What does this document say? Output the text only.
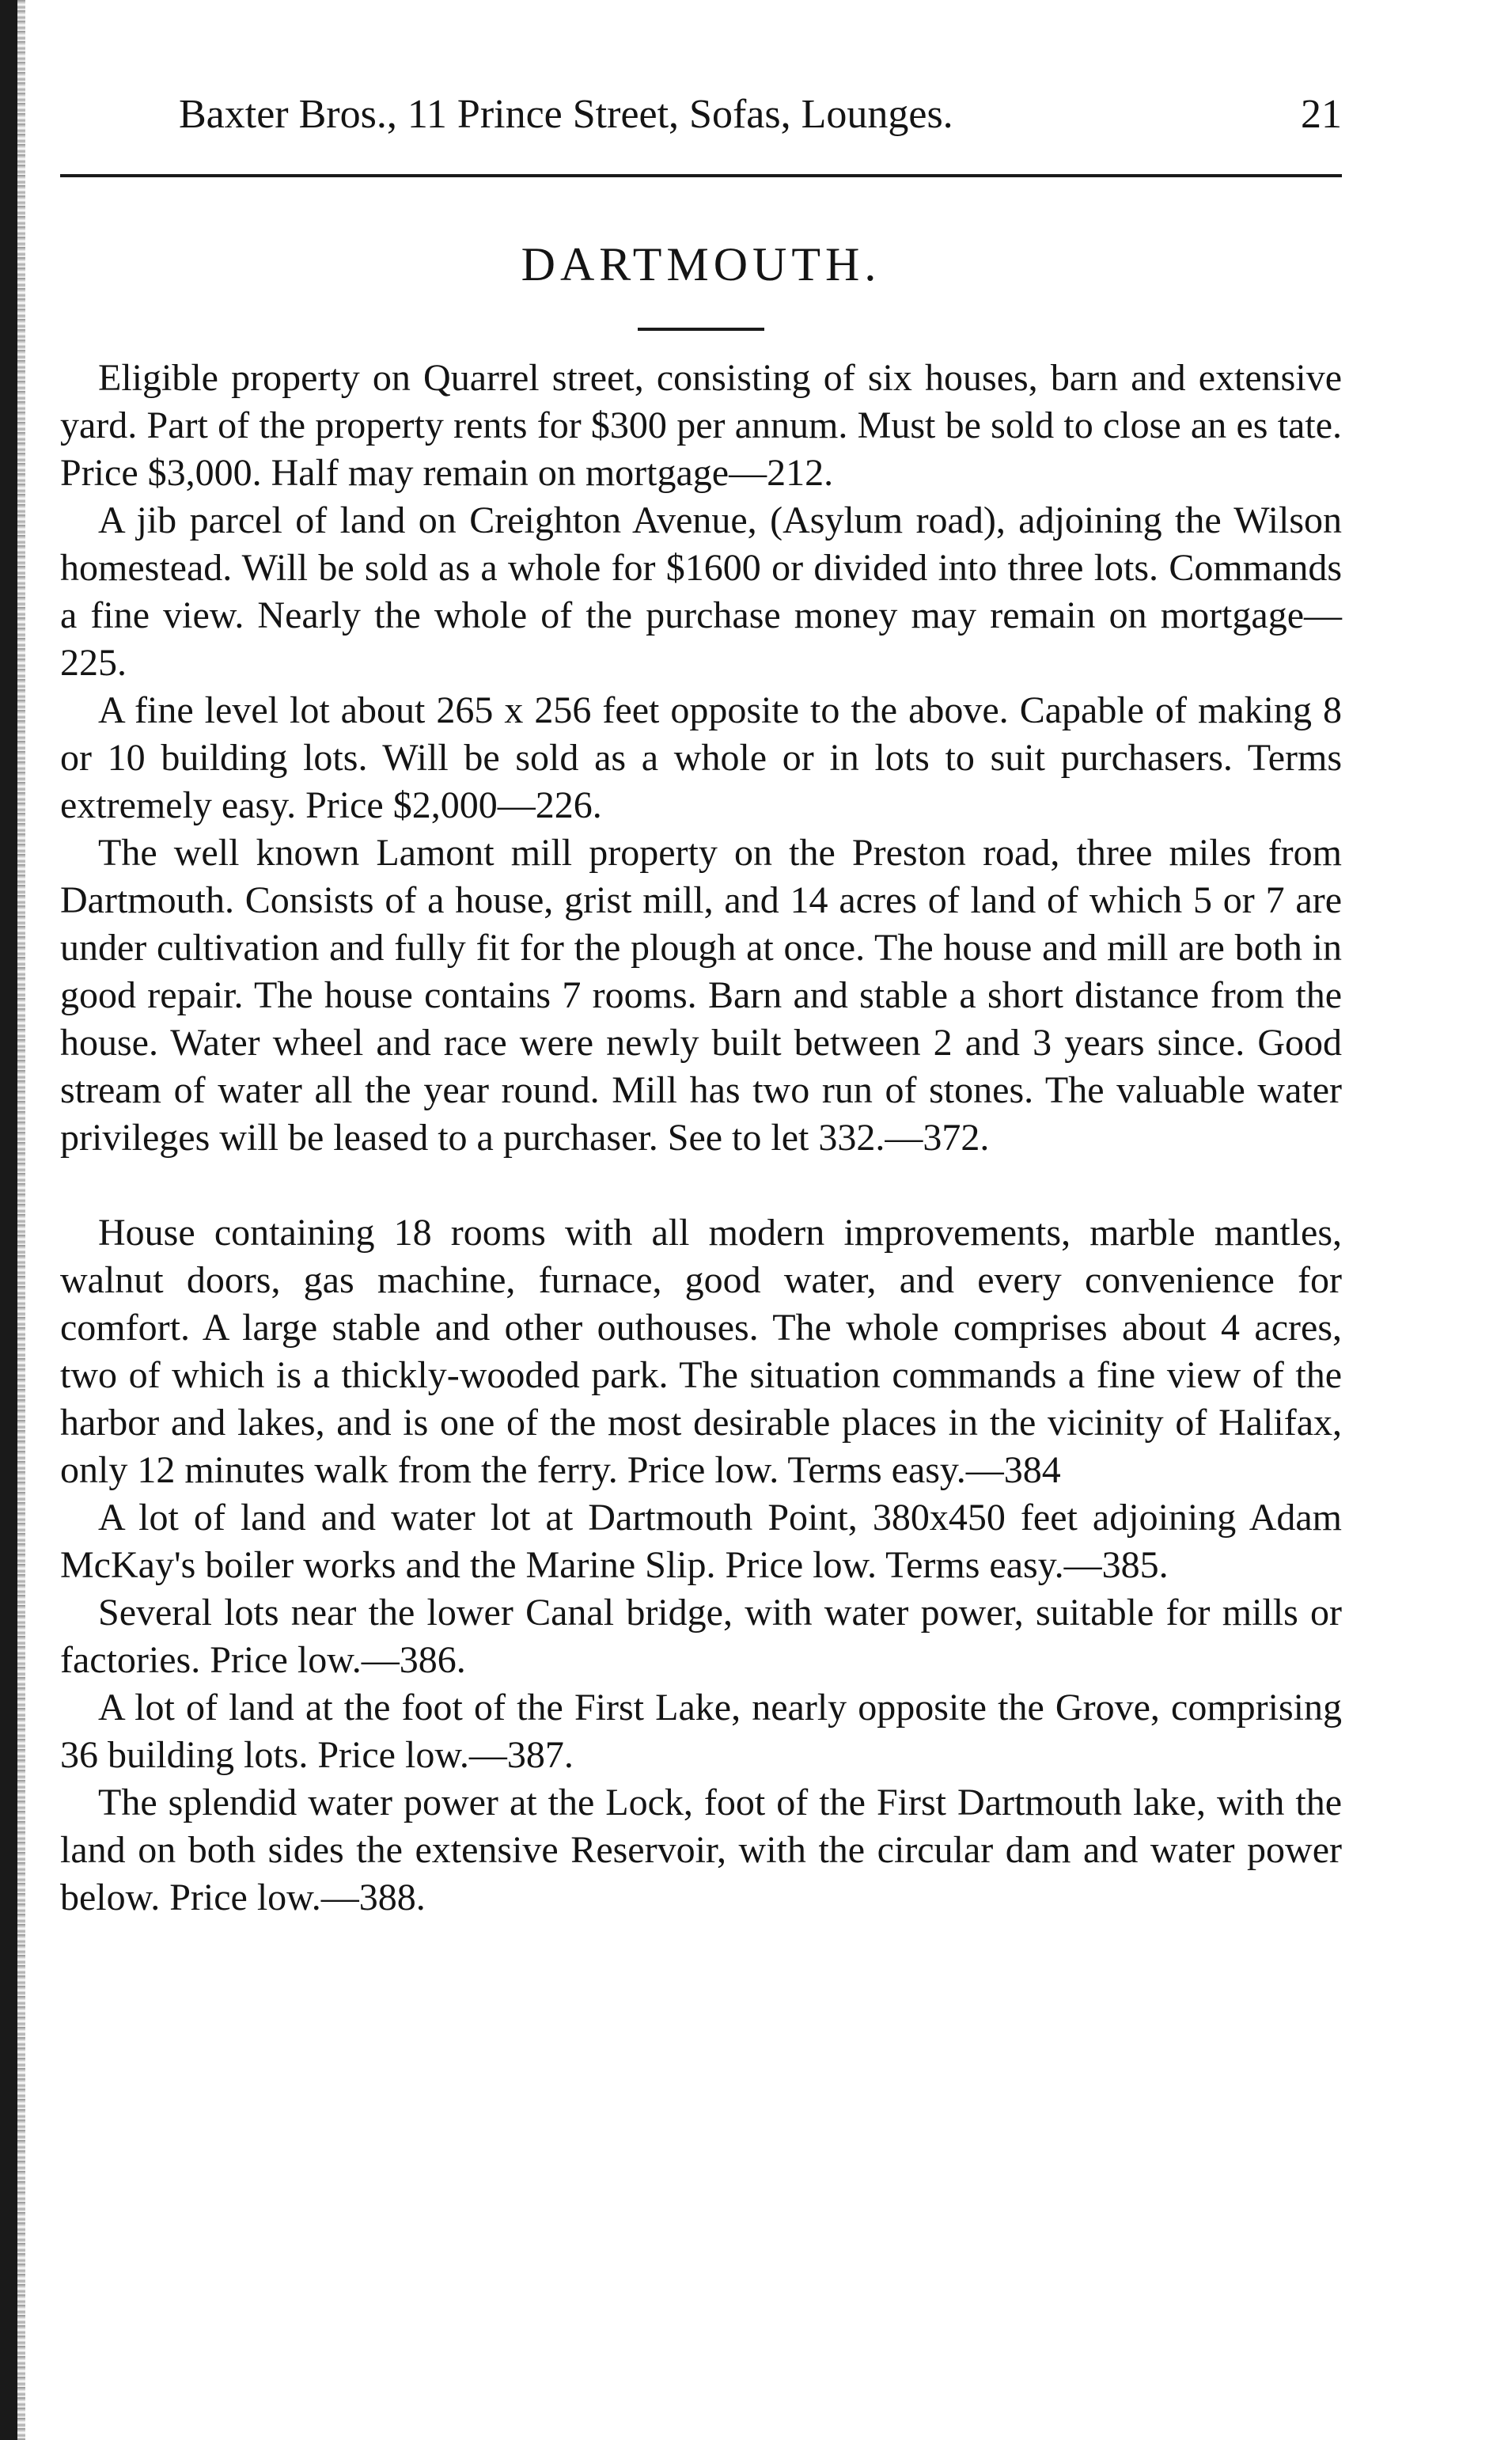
Baxter Bros., 11 Prince Street, Sofas, Lounges.	21
DARTMOUTH.

Eligible property on Quarrel street, consisting of six houses, barn and extensive yard. Part of the property rents for $300 per annum. Must be sold to close an es tate. Price $3,000. Half may remain on mortgage—212.

A jib parcel of land on Creighton Avenue, (Asylum road), adjoining the Wilson homestead. Will be sold as a whole for $1600 or divided into three lots. Commands a fine view. Nearly the whole of the purchase money may remain on mortgage—225.

A fine level lot about 265 x 256 feet opposite to the above. Capable of making 8 or 10 building lots. Will be sold as a whole or in lots to suit purchasers. Terms extremely easy. Price $2,000—226.

The well known Lamont mill property on the Preston road, three miles from Dartmouth. Consists of a house, grist mill, and 14 acres of land of which 5 or 7 are under cultivation and fully fit for the plough at once. The house and mill are both in good repair. The house contains 7 rooms. Barn and stable a short distance from the house. Water wheel and race were newly built between 2 and 3 years since. Good stream of water all the year round. Mill has two run of stones. The valuable water privileges will be leased to a purchaser. See to let 332.—372.

House containing 18 rooms with all modern improvements, marble mantles, walnut doors, gas machine, furnace, good water, and every convenience for comfort. A large stable and other outhouses. The whole comprises about 4 acres, two of which is a thickly-wooded park. The situation commands a fine view of the harbor and lakes, and is one of the most desirable places in the vicinity of Halifax, only 12 minutes walk from the ferry. Price low. Terms easy.—384

A lot of land and water lot at Dartmouth Point, 380x450 feet adjoining Adam McKay's boiler works and the Marine Slip. Price low. Terms easy.—385.

Several lots near the lower Canal bridge, with water power, suitable for mills or factories. Price low.—386.

A lot of land at the foot of the First Lake, nearly opposite the Grove, comprising 36 building lots. Price low.—387.

The splendid water power at the Lock, foot of the First Dartmouth lake, with the land on both sides the extensive Reservoir, with the circular dam and water power below. Price low.—388.
